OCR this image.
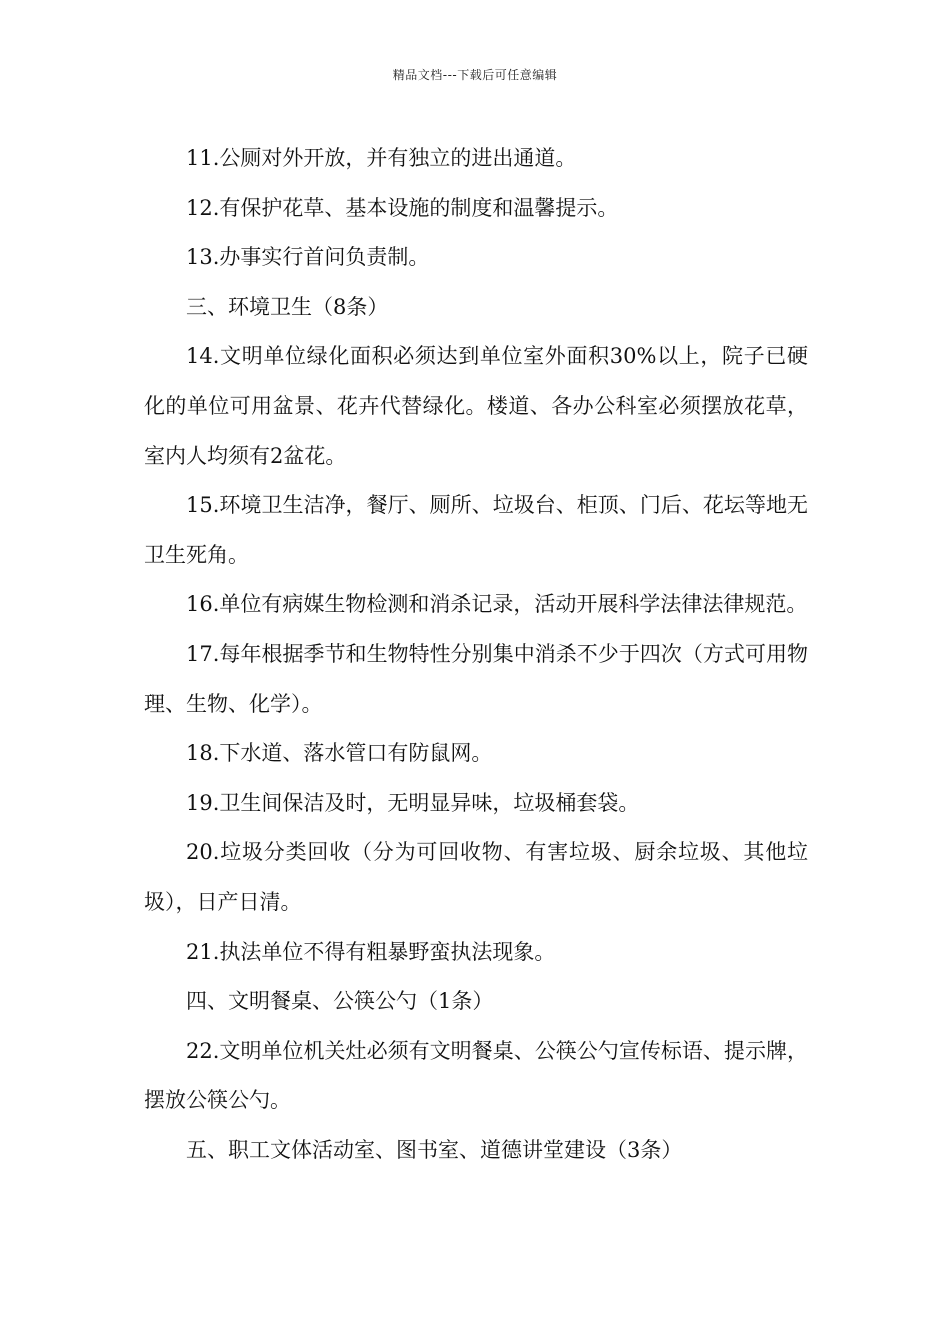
精品文档---下载后可任意编辑

11.公厕对外开放，并有独立的进出通道。

12.有保护花草、基本设施的制度和温馨提示。

13.办事实行首问负责制。

三、环境卫生（8条）

14.文明单位绿化面积必须达到单位室外面积30%以上，院子已硬化的单位可用盆景、花卉代替绿化。楼道、各办公科室必须摆放花草，室内人均须有2盆花。

15.环境卫生洁净，餐厅、厕所、垃圾台、柜顶、门后、花坛等地无卫生死角。

16.单位有病媒生物检测和消杀记录，活动开展科学法律法律规范。

17.每年根据季节和生物特性分别集中消杀不少于四次（方式可用物理、生物、化学）。

18.下水道、落水管口有防鼠网。

19.卫生间保洁及时，无明显异味，垃圾桶套袋。

20.垃圾分类回收（分为可回收物、有害垃圾、厨余垃圾、其他垃圾），日产日清。

21.执法单位不得有粗暴野蛮执法现象。

四、文明餐桌、公筷公勺（1条）

22.文明单位机关灶必须有文明餐桌、公筷公勺宣传标语、提示牌，摆放公筷公勺。

五、职工文体活动室、图书室、道德讲堂建设（3条）
